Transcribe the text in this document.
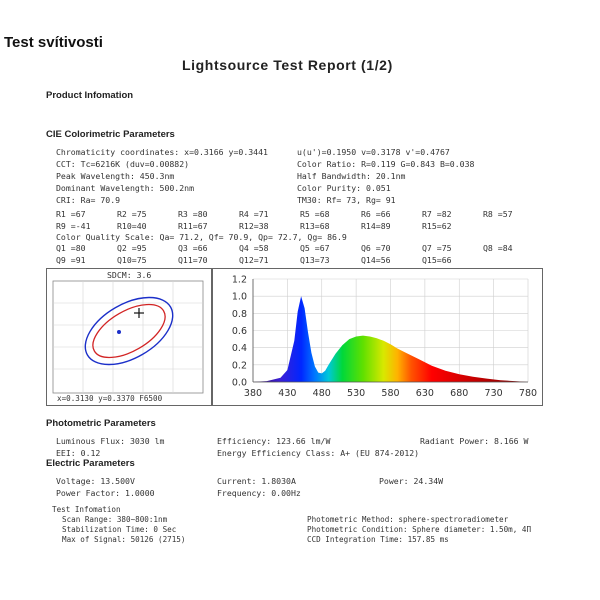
Test svítivosti
Lightsource Test Report (1/2)
Product Infomation
CIE Colorimetric Parameters
Chromaticity coordinates: x=0.3166 y=0.3441	u(u')=0.1950 v=0.3178 v'=0.4767
CCT: Tc=6216K (duv=0.00882)	Color Ratio: R=0.119 G=0.843 B=0.038
Peak Wavelength: 450.3nm	Half Bandwidth: 20.1nm
Dominant Wavelength: 500.2nm	Color Purity: 0.051
CRI: Ra= 70.9	TM30: Rf= 73, Rg= 91
R1 =67	R2 =75	R3 =80	R4 =71	R5 =68	R6 =66	R7 =82	R8 =57
R9 =-41	R10=40	R11=67	R12=38	R13=68	R14=89	R15=62
Color Quality Scale: Qa= 71.2, Qf= 70.9, Qp= 72.7, Qg= 86.9
Q1 =80	Q2 =95	Q3 =66	Q4 =58	Q5 =67	Q6 =70	Q7 =75	Q8 =84
Q9 =91	Q10=75	Q11=70	Q12=71	Q13=73	Q14=56	Q15=66
SDCM: 3.6
x=0.3130 y=0.3370 F6500
0.0
0.2
0.4
0.6
0.8
1.0
1.2
380 430 480 530 580 630 680 730 780
Photometric Parameters
Luminous Flux: 3030 lm	Efficiency: 123.66 lm/W	Radiant Power: 8.166 W
EEI: 0.12	Energy Efficiency Class: A+ (EU 874-2012)
Electric Parameters
Voltage: 13.500V	Current: 1.8030A	Power: 24.34W
Power Factor: 1.0000	Frequency: 0.00Hz
Test Infomation
Scan Range: 380~800:1nm
Stabilization Time: 0 Sec
Max of Signal: 50126 (2715)
Photometric Method: sphere-spectroradiometer
Photometric Condition: Sphere diameter: 1.50m, 4Π
CCD Integration Time: 157.85 ms
